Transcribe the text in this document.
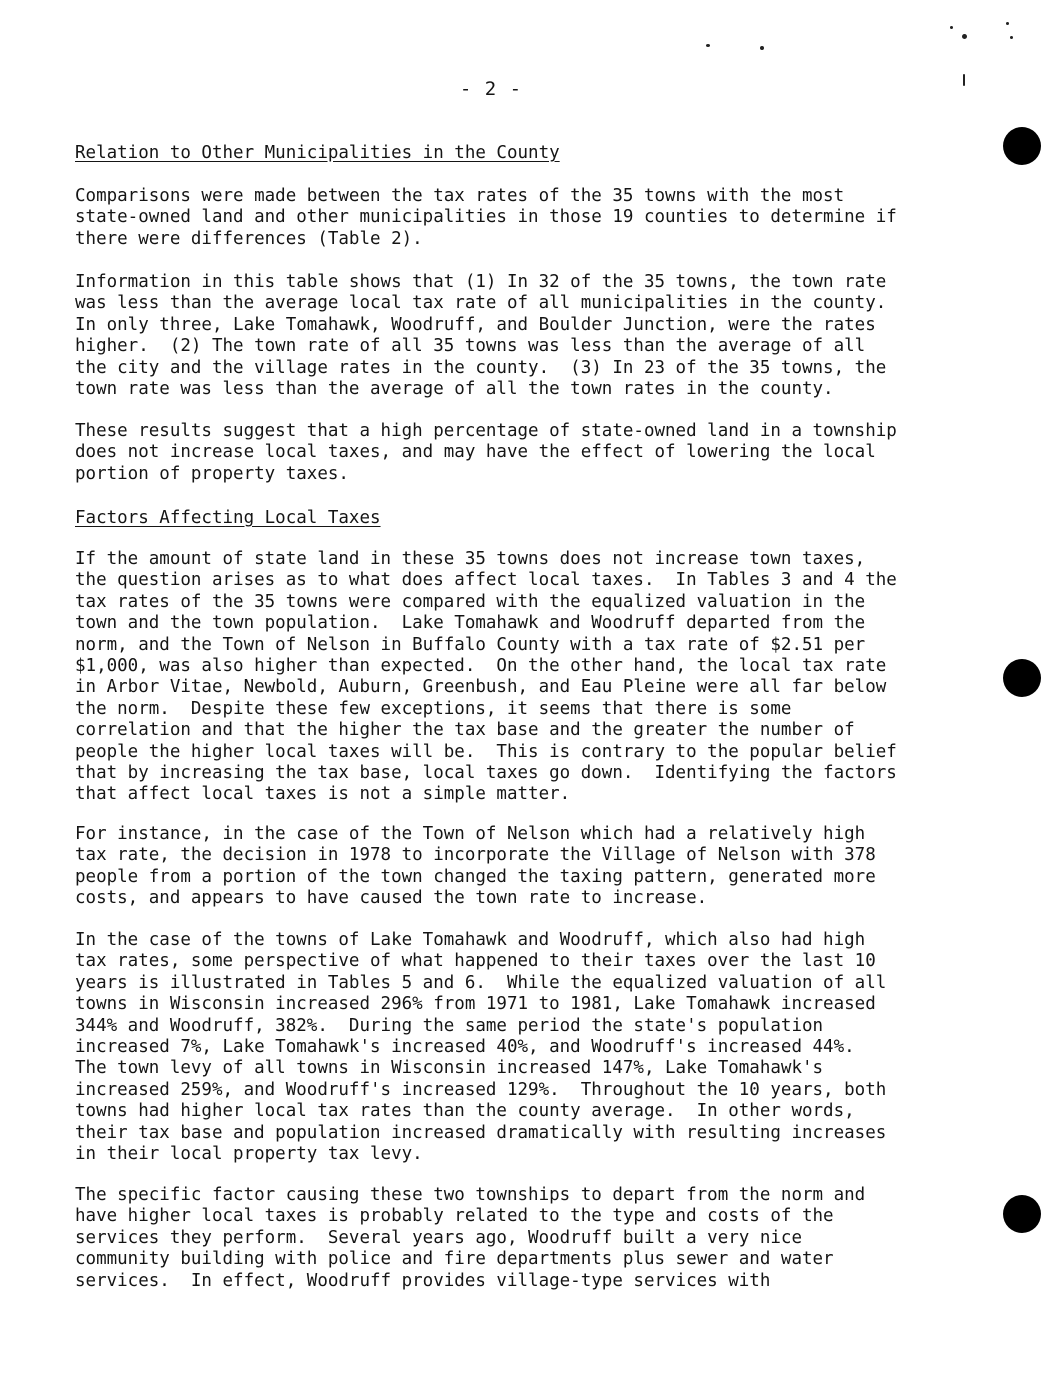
- 2 -
Relation to Other Municipalities in the County

Comparisons were made between the tax rates of the 35 towns with the most
state-owned land and other municipalities in those 19 counties to determine if
there were differences (Table 2).

Information in this table shows that (1) In 32 of the 35 towns, the town rate
was less than the average local tax rate of all municipalities in the county.
In only three, Lake Tomahawk, Woodruff, and Boulder Junction, were the rates
higher.  (2) The town rate of all 35 towns was less than the average of all
the city and the village rates in the county.  (3) In 23 of the 35 towns, the
town rate was less than the average of all the town rates in the county.

These results suggest that a high percentage of state-owned land in a township
does not increase local taxes, and may have the effect of lowering the local
portion of property taxes.

Factors Affecting Local Taxes

If the amount of state land in these 35 towns does not increase town taxes,
the question arises as to what does affect local taxes.  In Tables 3 and 4 the
tax rates of the 35 towns were compared with the equalized valuation in the
town and the town population.  Lake Tomahawk and Woodruff departed from the
norm, and the Town of Nelson in Buffalo County with a tax rate of $2.51 per
$1,000, was also higher than expected.  On the other hand, the local tax rate
in Arbor Vitae, Newbold, Auburn, Greenbush, and Eau Pleine were all far below
the norm.  Despite these few exceptions, it seems that there is some
correlation and that the higher the tax base and the greater the number of
people the higher local taxes will be.  This is contrary to the popular belief
that by increasing the tax base, local taxes go down.  Identifying the factors
that affect local taxes is not a simple matter.

For instance, in the case of the Town of Nelson which had a relatively high
tax rate, the decision in 1978 to incorporate the Village of Nelson with 378
people from a portion of the town changed the taxing pattern, generated more
costs, and appears to have caused the town rate to increase.

In the case of the towns of Lake Tomahawk and Woodruff, which also had high
tax rates, some perspective of what happened to their taxes over the last 10
years is illustrated in Tables 5 and 6.  While the equalized valuation of all
towns in Wisconsin increased 296% from 1971 to 1981, Lake Tomahawk increased
344% and Woodruff, 382%.  During the same period the state's population
increased 7%, Lake Tomahawk's increased 40%, and Woodruff's increased 44%.
The town levy of all towns in Wisconsin increased 147%, Lake Tomahawk's
increased 259%, and Woodruff's increased 129%.  Throughout the 10 years, both
towns had higher local tax rates than the county average.  In other words,
their tax base and population increased dramatically with resulting increases
in their local property tax levy.

The specific factor causing these two townships to depart from the norm and
have higher local taxes is probably related to the type and costs of the
services they perform.  Several years ago, Woodruff built a very nice
community building with police and fire departments plus sewer and water
services.  In effect, Woodruff provides village-type services with
